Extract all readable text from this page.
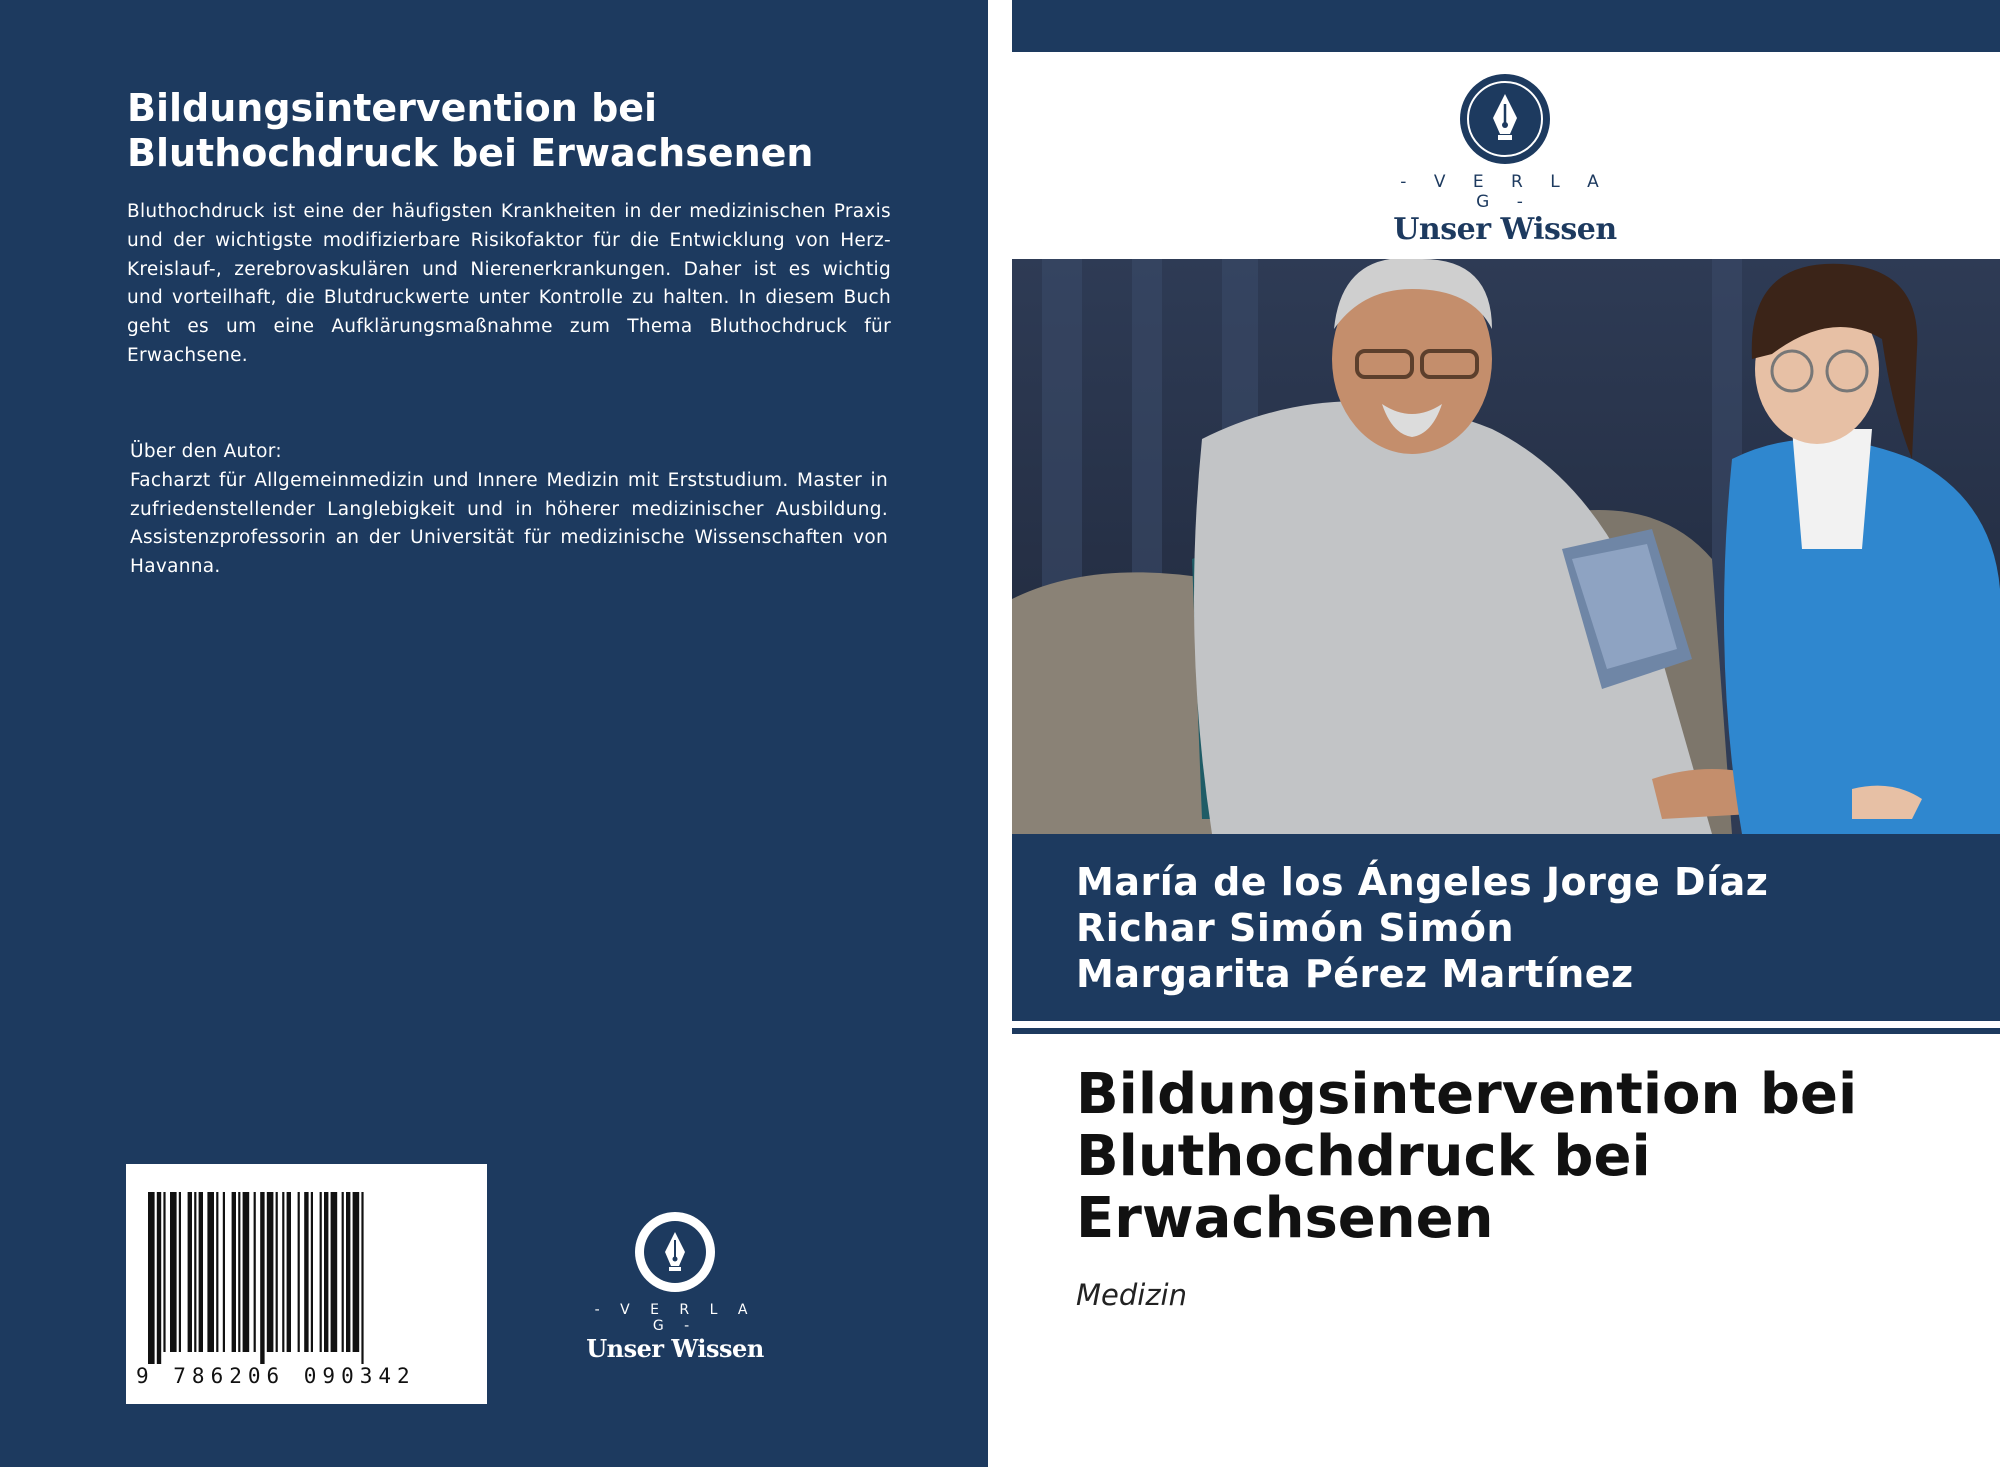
Bildungsintervention bei Bluthochdruck bei Erwachsenen

Bluthochdruck ist eine der häufigsten Krankheiten in der medizinischen Praxis und der wichtigste modifizierbare Risikofaktor für die Entwicklung von Herz-Kreislauf-, zerebrovaskulären und Nierenerkrankungen. Daher ist es wichtig und vorteilhaft, die Blutdruckwerte unter Kontrolle zu halten. In diesem Buch geht es um eine Aufklärungsmaßnahme zum Thema Bluthochdruck für Erwachsene.

Über den Autor:
Facharzt für Allgemeinmedizin und Innere Medizin mit Erststudium. Master in zufriedenstellender Langlebigkeit und in höherer medizinischer Ausbildung. Assistenzprofessorin an der Universität für medizinische Wissenschaften von Havanna.
9 786206 090342
- V E R L A G -
Unser Wissen
- V E R L A G -
Unser Wissen
María de los Ángeles Jorge Díaz
Richar Simón Simón
Margarita Pérez Martínez
Bildungsintervention bei Bluthochdruck bei Erwachsenen
Medizin
